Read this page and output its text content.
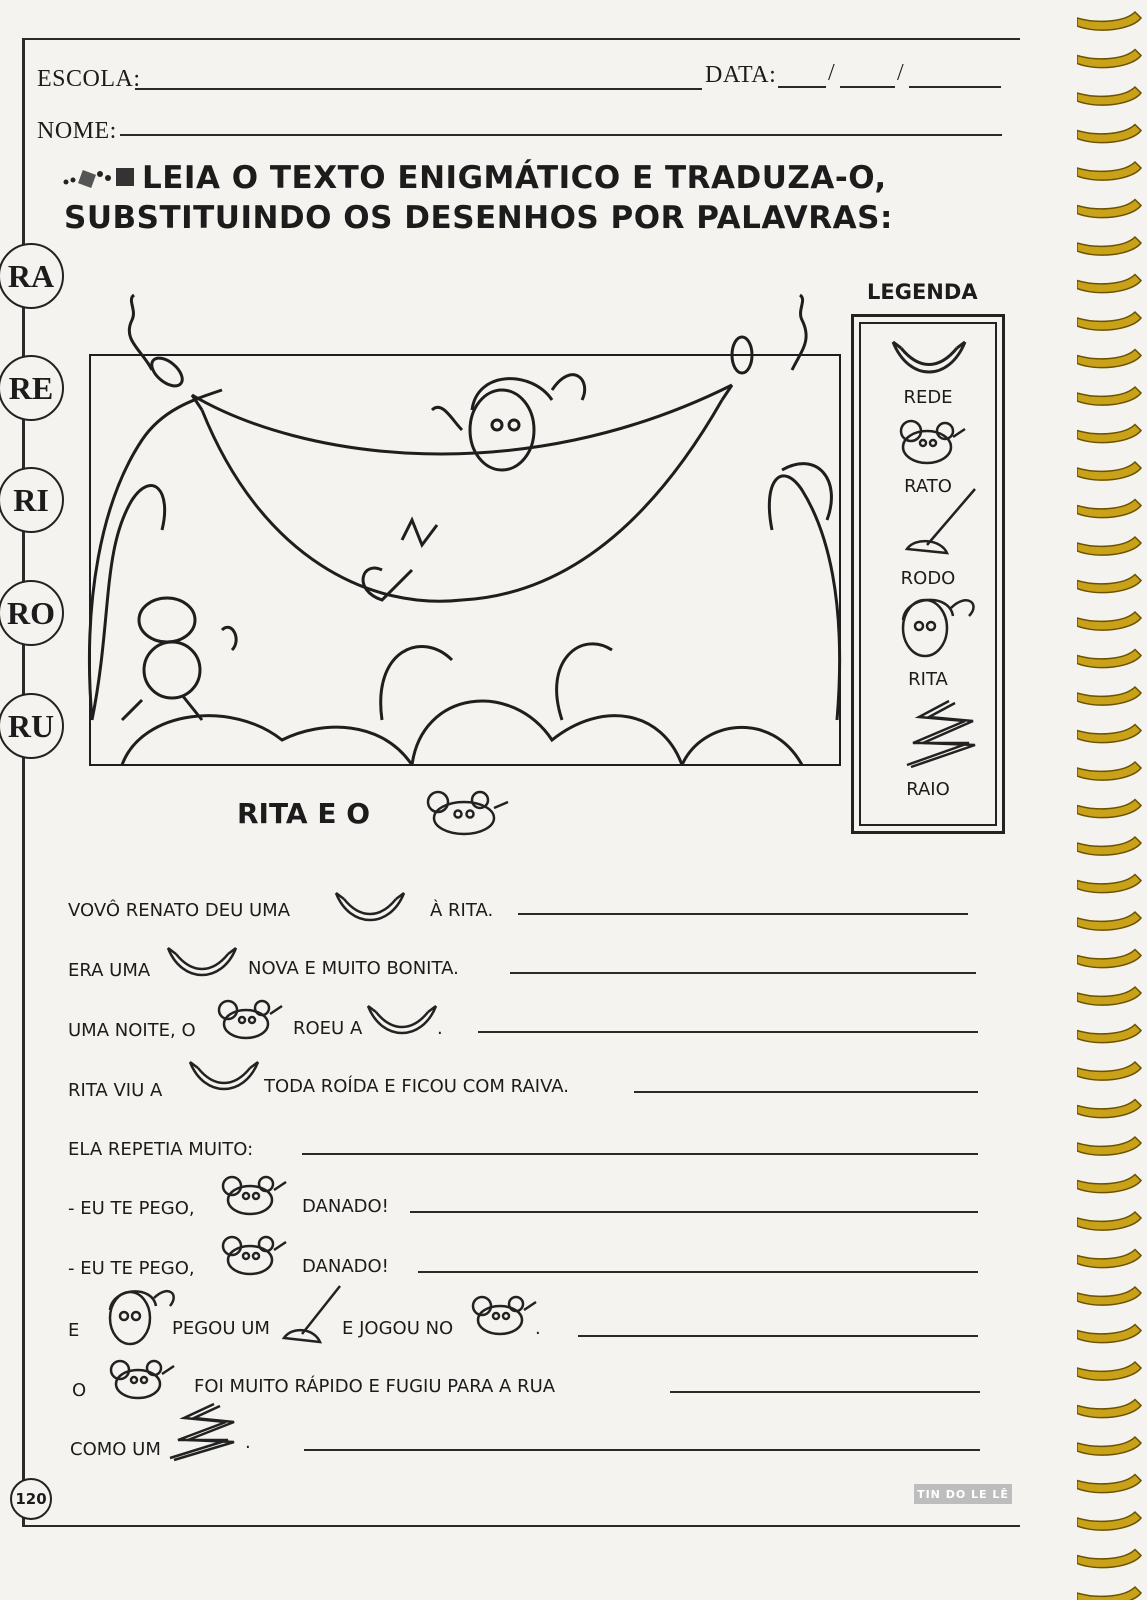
ESCOLA:	DATA: /	/
NOME:
LEIA O TEXTO ENIGMÁTICO E TRADUZA-O,
SUBSTITUINDO OS DESENHOS POR PALAVRAS:
RA
RE
RI
RO
RU
LEGENDA
REDE
RATO
RODO
RITA
RAIO
RITA E O
VOVÔ RENATO DEU UMA	À RITA.
ERA UMA	NOVA E MUITO BONITA.
UMA NOITE, O	ROEU A	.
RITA VIU A	TODA ROÍDA E FICOU COM RAIVA.
ELA REPETIA MUITO:
- EU TE PEGO,	DANADO!
- EU TE PEGO,	DANADO!
E	PEGOU UM	E JOGOU NO	.
O	FOI MUITO RÁPIDO E FUGIU PARA A RUA
COMO UM	.
120	TIN DO LE LÊ
